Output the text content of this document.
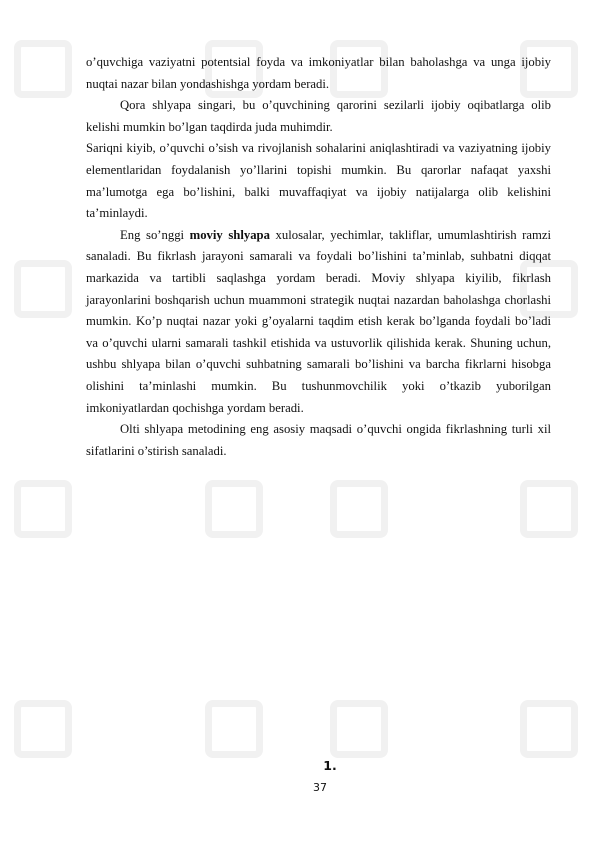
o’quvchiga vaziyatni potentsial foyda va imkoniyatlar bilan baholashga va unga ijobiy nuqtai nazar bilan yondashishga yordam beradi.

Qora shlyapa singari, bu o’quvchining qarorini sezilarli ijobiy oqibatlarga olib kelishi mumkin bo’lgan taqdirda juda muhimdir.

Sariqni kiyib, o’quvchi o’sish va rivojlanish sohalarini aniqlashtiradi va vaziyatning ijobiy elementlaridan foydalanish yo’llarini topishi mumkin. Bu qarorlar nafaqat yaxshi ma’lumotga ega bo’lishini, balki muvaffaqiyat va ijobiy natijalarga olib kelishini ta’minlaydi.

Eng so’nggi moviy shlyapa xulosalar, yechimlar, takliflar, umumlashtirish ramzi sanaladi. Bu fikrlash jarayoni samarali va foydali bo’lishini ta’minlab, suhbatni diqqat markazida va tartibli saqlashga yordam beradi. Moviy shlyapa kiyilib, fikrlash jarayonlarini boshqarish uchun muammoni strategik nuqtai nazardan baholashga chorlashi mumkin. Ko’p nuqtai nazar yoki g’oyalarni taqdim etish kerak bo’lganda foydali bo’ladi va o’quvchi ularni samarali tashkil etishida va ustuvorlik qilishida kerak. Shuning uchun, ushbu shlyapa bilan o’quvchi suhbatning samarali bo’lishini va barcha fikrlarni hisobga olishini ta’minlashi mumkin. Bu tushunmovchilik yoki o’tkazib yuborilgan imkoniyatlardan qochishga yordam beradi.

Olti shlyapa metodining eng asosiy maqsadi o’quvchi ongida fikrlashning turli xil sifatlarini o’stirish sanaladi.

1.
37
